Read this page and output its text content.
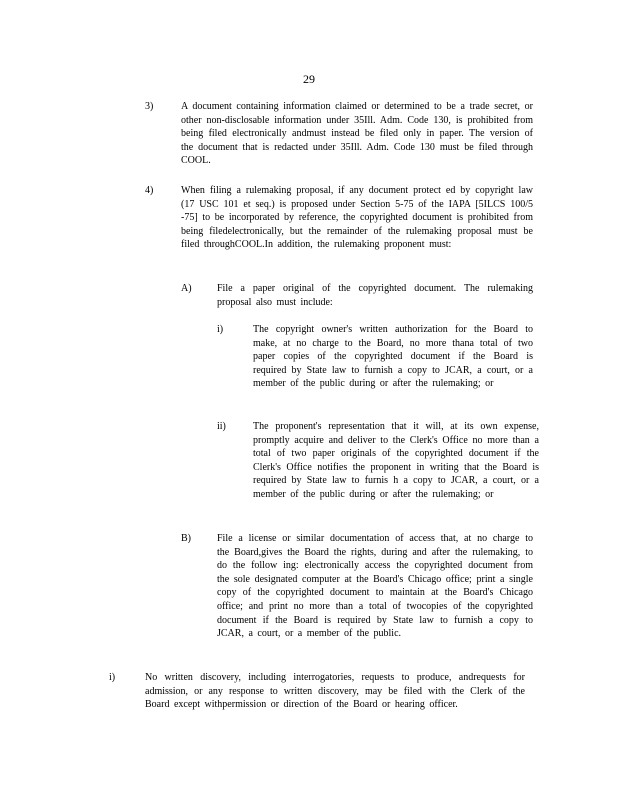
29
3)	A document containing information claimed or determined to be a trade secret, or other non-disclosable information under 35Ill. Adm. Code 130, is prohibited from being filed electronically andmust instead be filed only in paper. The version of the document that is redacted under 35Ill. Adm. Code 130 must be filed through COOL.
4)	When filing a rulemaking proposal, if any document protect ed by copyright law (17 USC 101 et seq.) is proposed under Section 5-75 of the IAPA [5ILCS 100/5 -75] to be incorporated by reference, the copyrighted document is prohibited from being filedelectronically, but the remainder of the rulemaking proposal must be filed throughCOOL.In addition, the rulemaking proponent must:
A)	File a paper original of the copyrighted document. The rulemaking proposal also must include:
i)	The copyright owner's written authorization for the Board to make, at no charge to the Board, no more thana total of two paper copies of the copyrighted document if the Board is required by State law to furnish a copy to JCAR, a court, or a member of the public during or after the rulemaking; or
ii)	The proponent's representation that it will, at its own expense, promptly acquire and deliver to the Clerk's Office no more than a total of two paper originals of the copyrighted document if the Clerk's Office notifies the proponent in writing that the Board is required by State law to furnis h a copy to JCAR, a court, or a member of the public during or after the rulemaking; or
B)	File a license or similar documentation of access that, at no charge to the Board,gives the Board the rights, during and after the rulemaking, to do the follow ing: electronically access the copyrighted document from the sole designated computer at the Board's Chicago office; print a single copy of the copyrighted document to maintain at the Board's Chicago office; and print no more than a total of twocopies of the copyrighted document if the Board is required by State law to furnish a copy to JCAR, a court, or a member of the public.
i)	No written discovery, including interrogatories, requests to produce, andrequests for admission, or any response to written discovery, may be filed with the Clerk of the Board except withpermission or direction of the Board or hearing officer.
